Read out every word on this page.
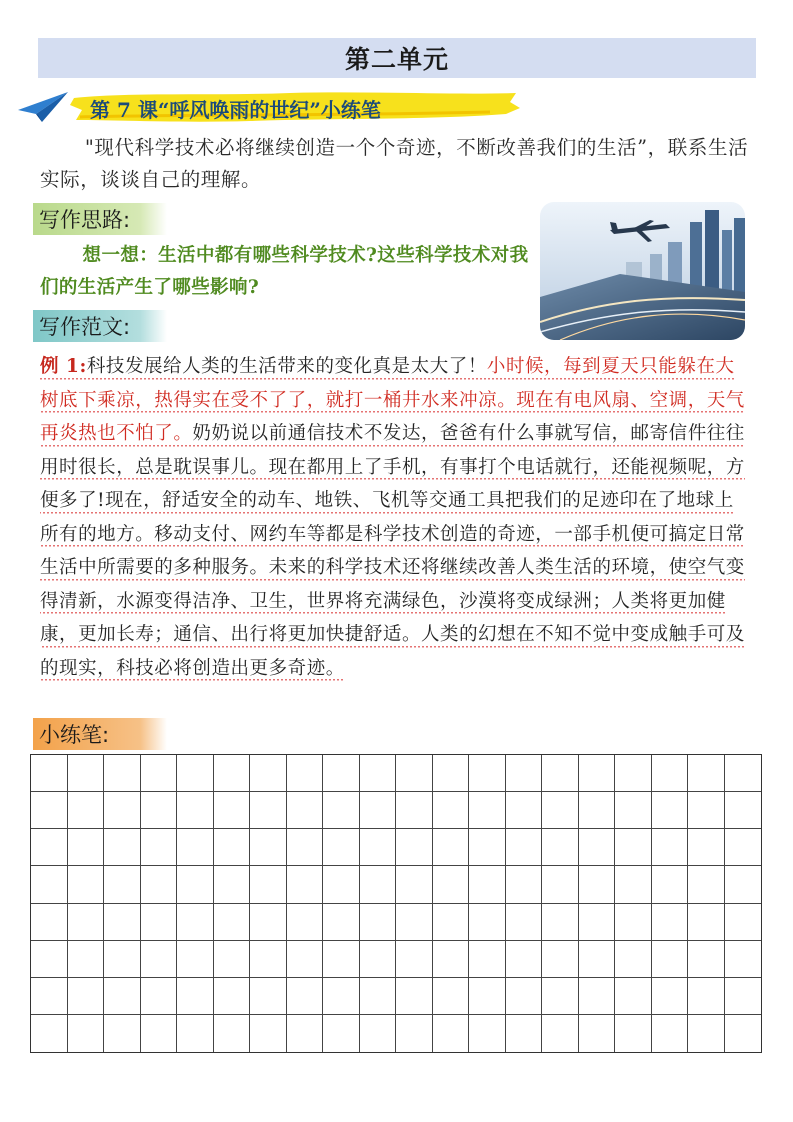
第二单元
第 7 课“呼风唤雨的世纪”小练笔
"现代科学技术必将继续创造一个个奇迹，不断改善我们的生活”，联系生活实际，谈谈自己的理解。
写作思路:
想一想：生活中都有哪些科学技术?这些科学技术对我们的生活产生了哪些影响?
写作范文:
例 1:科技发展给人类的生活带来的变化真是太大了！小时候，每到夏天只能躲在大树底下乘凉，热得实在受不了了，就打一桶井水来冲凉。现在有电风扇、空调，天气再炎热也不怕了。奶奶说以前通信技术不发达，爸爸有什么事就写信，邮寄信件往往用时很长，总是耽误事儿。现在都用上了手机，有事打个电话就行，还能视频呢，方便多了!现在，舒适安全的动车、地铁、飞机等交通工具把我们的足迹印在了地球上所有的地方。移动支付、网约车等都是科学技术创造的奇迹，一部手机便可搞定日常生活中所需要的多种服务。未来的科学技术还将继续改善人类生活的环境，使空气变得清新，水源变得洁净、卫生，世界将充满绿色，沙漠将变成绿洲；人类将更加健康，更加长寿；通信、出行将更加快捷舒适。人类的幻想在不知不觉中变成触手可及的现实，科技必将创造出更多奇迹。
小练笔:
